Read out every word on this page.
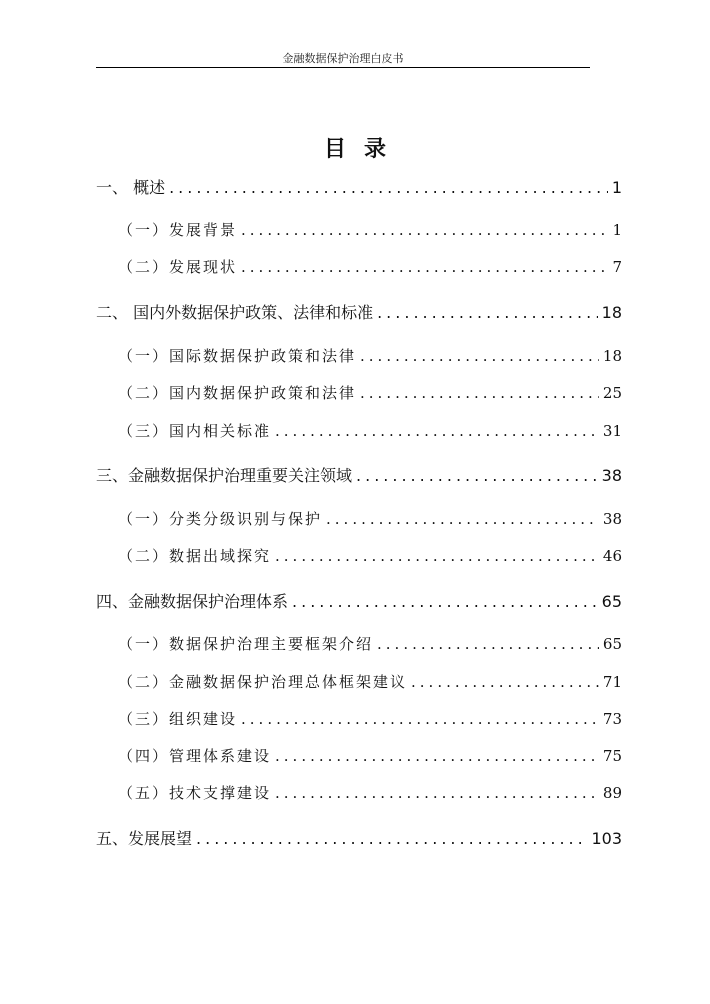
金融数据保护治理白皮书
目录
一、 概述 .....	1
（一）发展背景 .....	1
（二）发展现状 .....	7
二、 国内外数据保护政策、法律和标准 .....	18
（一）国际数据保护政策和法律 .....	18
（二）国内数据保护政策和法律 .....	25
（三）国内相关标准 .....	31
三、金融数据保护治理重要关注领域 .....	38
（一）分类分级识别与保护 .....	38
（二）数据出域探究 .....	46
四、金融数据保护治理体系 .....	65
（一）数据保护治理主要框架介绍 .....	65
（二）金融数据保护治理总体框架建议 .....	71
（三）组织建设 .....	73
（四）管理体系建设 .....	75
（五）技术支撑建设 .....	89
五、发展展望 .....	103
